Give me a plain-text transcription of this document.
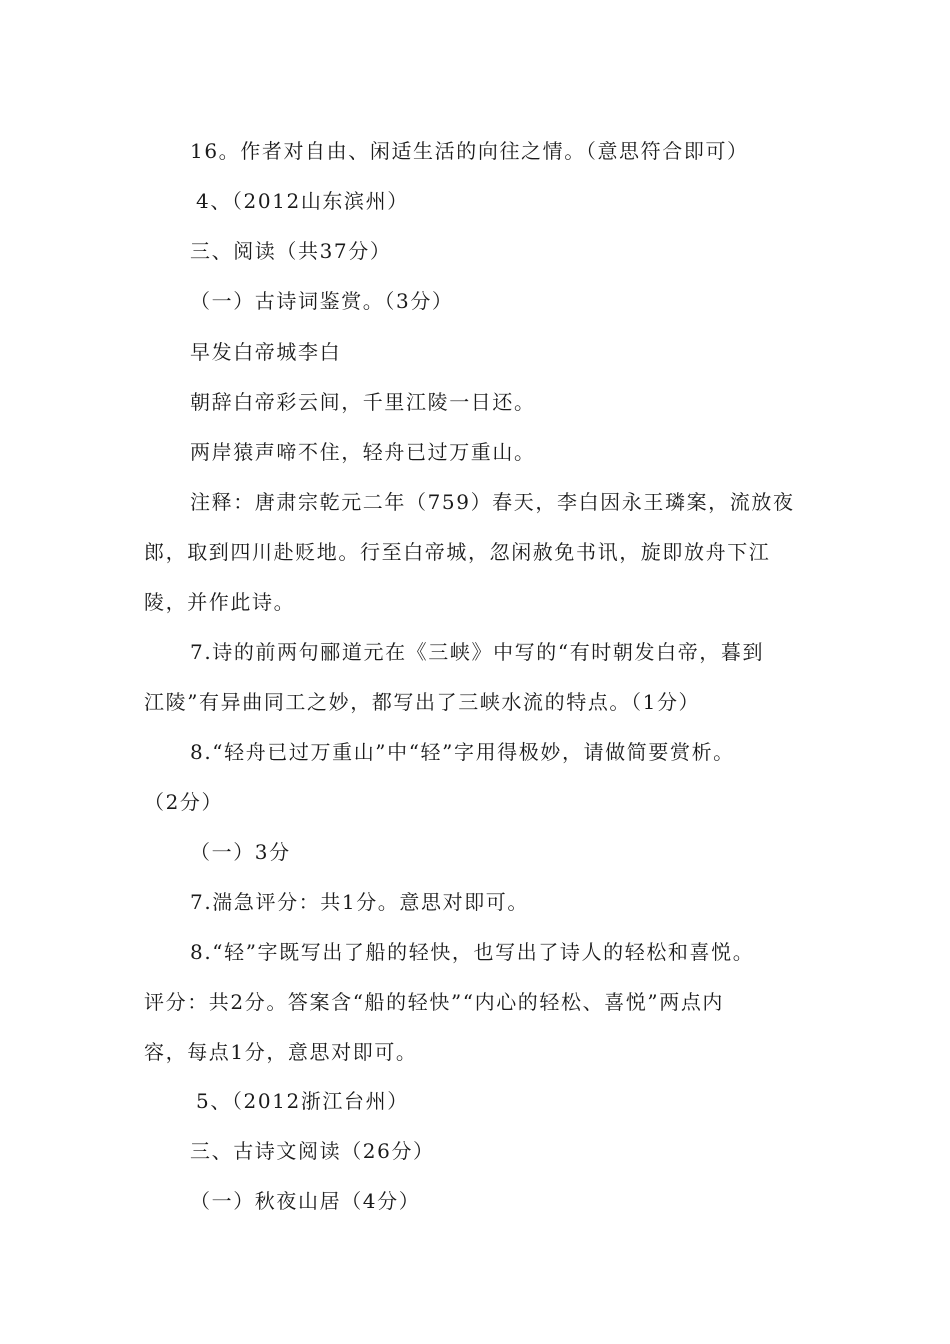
16。作者对自由、闲适生活的向往之情。（意思符合即可）
4、（2012山东滨州）
三、阅读（共37分）
（一）古诗词鉴赏。（3分）
早发白帝城李白
朝辞白帝彩云间，千里江陵一日还。
两岸猿声啼不住，轻舟已过万重山。
注释：唐肃宗乾元二年（759）春天，李白因永王璘案，流放夜
郎，取到四川赴贬地。行至白帝城，忽闲赦免书讯，旋即放舟下江
陵，并作此诗。
7.诗的前两句郦道元在《三峡》中写的“有时朝发白帝，暮到
江陵”有异曲同工之妙，都写出了三峡水流的特点。（1分）
8.“轻舟已过万重山”中“轻”字用得极妙，请做简要赏析。
（2分）
（一）3分
7.湍急评分：共1分。意思对即可。
8.“轻”字既写出了船的轻快，也写出了诗人的轻松和喜悦。
评分：共2分。答案含“船的轻快”“内心的轻松、喜悦”两点内
容，每点1分，意思对即可。
5、（2012浙江台州）
三、古诗文阅读（26分）
（一）秋夜山居（4分）
